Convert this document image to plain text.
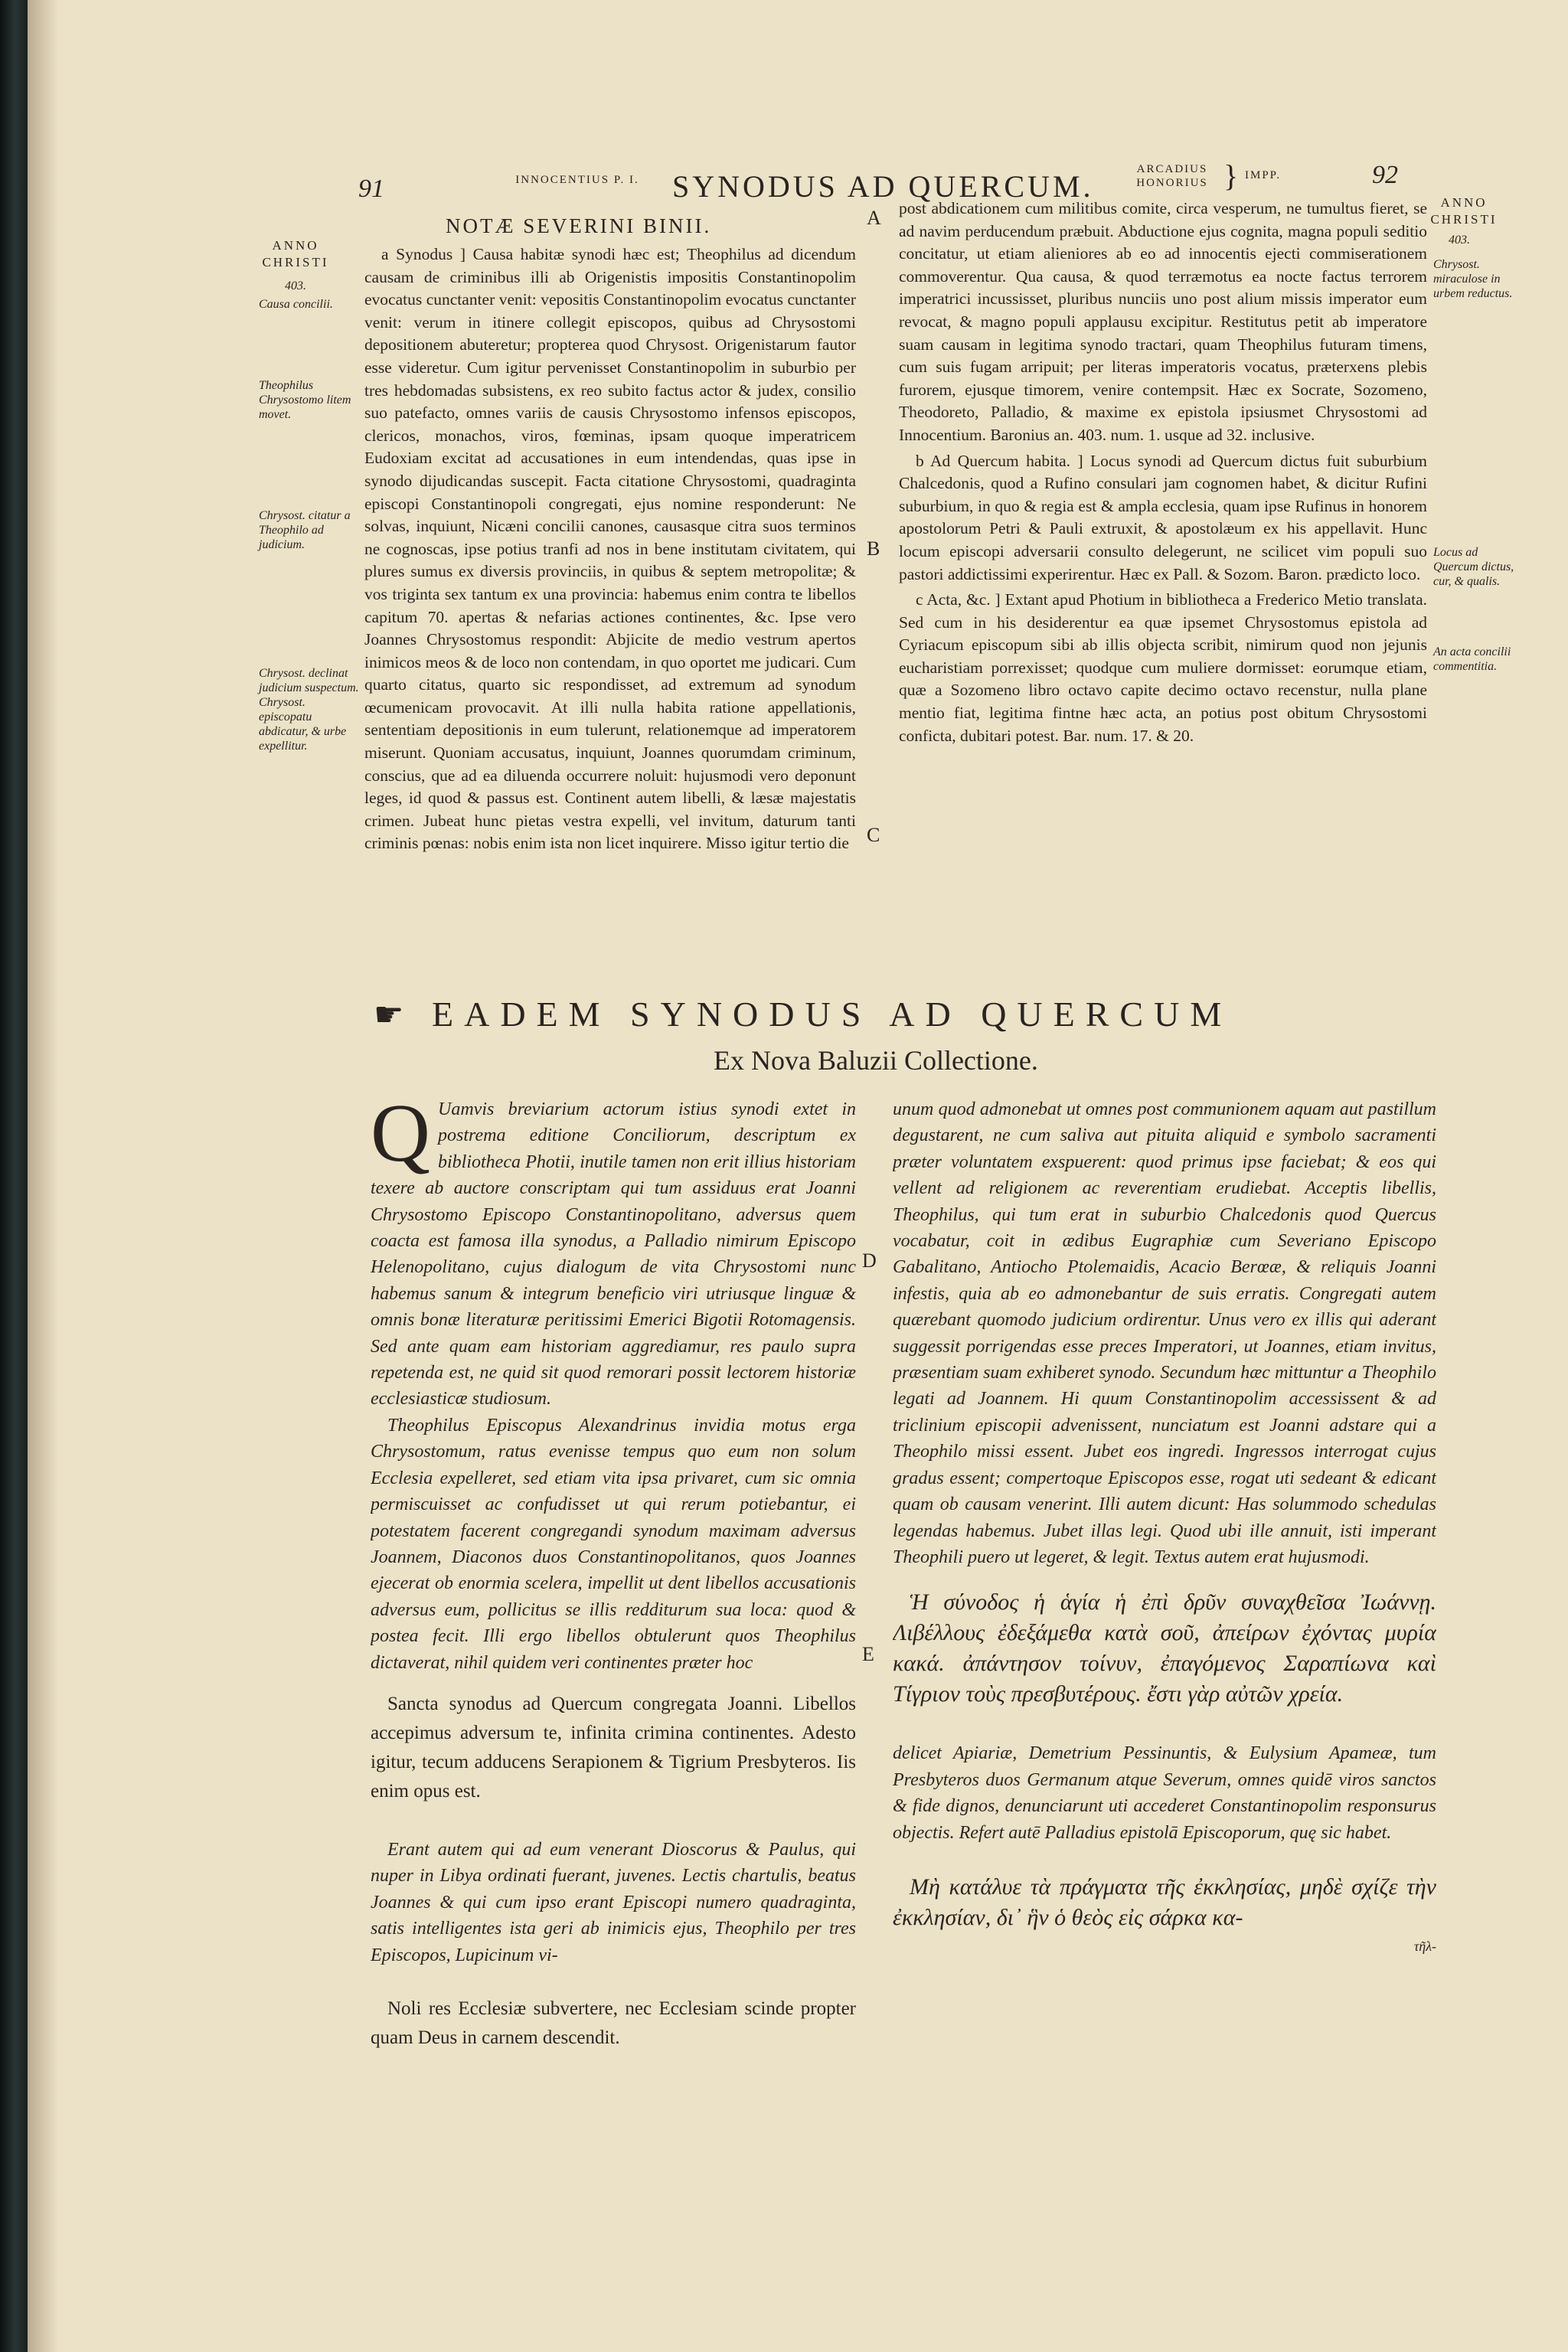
91	INNOCENTIUS P. I. SYNODUS AD QUERCUM.	ARCADIUS HONORIUS } IMPP.	92
ANNO CHRISTI
403.
Causa concilii.
Theophilus Chrysostomo litem movet.
Chrysost. citatur a Theophilo ad judicium.
Chrysost. declinat judicium suspectum. Chrysost. episcopatu abdicatur, & urbe expellitur.
ANNO CHRISTI
403.
Chrysost. miraculose in urbem reductus.
Locus ad Quercum dictus, cur, & qualis.
An acta concilii commentitia.
A
B
C
D
E
NOTÆ SEVERINI BINII.

a Synodus ] Causa habitæ synodi hæc est; Theophilus ad dicendum causam de criminibus illi ab Origenistis impositis Constantinopolim evocatus cunctanter venit: vepositis Constantinopolim evocatus cunctanter venit: verum in itinere collegit episcopos, quibus ad Chrysostomi depositionem abuteretur; propterea quod Chrysost. Origenistarum fautor esse videretur. Cum igitur pervenisset Constantinopolim in suburbio per tres hebdomadas subsistens, ex reo subito factus actor & judex, consilio suo patefacto, omnes variis de causis Chrysostomo infensos episcopos, clericos, monachos, viros, fœminas, ipsam quoque imperatricem Eudoxiam excitat ad accusationes in eum intendendas, quas ipse in synodo dijudicandas suscepit. Facta citatione Chrysostomi, quadraginta episcopi Constantinopoli congregati, ejus nomine responderunt: Ne solvas, inquiunt, Nicæni concilii canones, causasque citra suos terminos ne cognoscas, ipse potius tranfi ad nos in bene institutam civitatem, qui plures sumus ex diversis provinciis, in quibus & septem metropolitæ; & vos triginta sex tantum ex una provincia: habemus enim contra te libellos capitum 70. apertas & nefarias actiones continentes, &c. Ipse vero Joannes Chrysostomus respondit: Abjicite de medio vestrum apertos inimicos meos & de loco non contendam, in quo oportet me judicari. Cum quarto citatus, quarto sic respondisset, ad extremum ad synodum œcumenicam provocavit. At illi nulla habita ratione appellationis, sententiam depositionis in eum tulerunt, relationemque ad imperatorem miserunt. Quoniam accusatus, inquiunt, Joannes quorumdam criminum, conscius, que ad ea diluenda occurrere noluit: hujusmodi vero deponunt leges, id quod & passus est. Continent autem libelli, & læsæ majestatis crimen. Jubeat hunc pietas vestra expelli, vel invitum, daturum tanti criminis pœnas: nobis enim ista non licet inquirere. Misso igitur tertio die

post abdicationem cum militibus comite, circa vesperum, ne tumultus fieret, se ad navim perducendum præbuit. Abductione ejus cognita, magna populi seditio concitatur, ut etiam alieniores ab eo ad innocentis ejecti commiserationem commoverentur. Qua causa, & quod terræmotus ea nocte factus terrorem imperatrici incussisset, pluribus nunciis uno post alium missis imperator eum revocat, & magno populi applausu excipitur. Restitutus petit ab imperatore suam causam in legitima synodo tractari, quam Theophilus futuram timens, cum suis fugam arripuit; per literas imperatoris vocatus, præterxens plebis furorem, ejusque timorem, venire contempsit. Hæc ex Socrate, Sozomeno, Theodoreto, Palladio, & maxime ex epistola ipsiusmet Chrysostomi ad Innocentium. Baronius an. 403. num. 1. usque ad 32. inclusive.

b Ad Quercum habita. ] Locus synodi ad Quercum dictus fuit suburbium Chalcedonis, quod a Rufino consulari jam cognomen habet, & dicitur Rufini suburbium, in quo & regia est & ampla ecclesia, quam ipse Rufinus in honorem apostolorum Petri & Pauli extruxit, & apostolæum ex his appellavit. Hunc locum episcopi adversarii consulto delegerunt, ne scilicet vim populi suo pastori addictissimi experirentur. Hæc ex Pall. & Sozom. Baron. prædicto loco.

c Acta, &c. ] Extant apud Photium in bibliotheca a Frederico Metio translata. Sed cum in his desiderentur ea quæ ipsemet Chrysostomus epistola ad Cyriacum episcopum sibi ab illis objecta scribit, nimirum quod non jejunis eucharistiam porrexisset; quodque cum muliere dormisset: eorumque etiam, quæ a Sozomeno libro octavo capite decimo octavo recenstur, nulla plane mentio fiat, legitima fintne hæc acta, an potius post obitum Chrysostomi conficta, dubitari potest. Bar. num. 17. & 20.

☛ EADEM SYNODUS AD QUERCUM
Ex Nova Baluzii Collectione.

Q Uamvis breviarium actorum istius synodi extet in postrema editione Conciliorum, descriptum ex bibliotheca Photii, inutile tamen non erit illius historiam texere ab auctore conscriptam qui tum assiduus erat Joanni Chrysostomo Episcopo Constantinopolitano, adversus quem coacta est famosa illa synodus, a Palladio nimirum Episcopo Helenopolitano, cujus dialogum de vita Chrysostomi nunc habemus sanum & integrum beneficio viri utriusque linguæ & omnis bonæ literaturæ peritissimi Emerici Bigotii Rotomagensis. Sed ante quam eam historiam aggrediamur, res paulo supra repetenda est, ne quid sit quod remorari possit lectorem historiæ ecclesiasticæ studiosum.

Theophilus Episcopus Alexandrinus invidia motus erga Chrysostomum, ratus evenisse tempus quo eum non solum Ecclesia expelleret, sed etiam vita ipsa privaret, cum sic omnia permiscuisset ac confudisset ut qui rerum potiebantur, ei potestatem facerent congregandi synodum maximam adversus Joannem, Diaconos duos Constantinopolitanos, quos Joannes ejecerat ob enormia scelera, impellit ut dent libellos accusationis adversus eum, pollicitus se illis redditurum sua loca: quod & postea fecit. Illi ergo libellos obtulerunt quos Theophilus dictaverat, nihil quidem veri continentes præter hoc

Sancta synodus ad Quercum congregata Joanni. Libellos accepimus adversum te, infinita crimina continentes. Adesto igitur, tecum adducens Serapionem & Tigrium Presbyteros. Iis enim opus est.

Erant autem qui ad eum venerant Dioscorus & Paulus, qui nuper in Libya ordinati fuerant, juvenes. Lectis chartulis, beatus Joannes & qui cum ipso erant Episcopi numero quadraginta, satis intelligentes ista geri ab inimicis ejus, Theophilo per tres Episcopos, Lupicinum vi-

Noli res Ecclesiæ subvertere, nec Ecclesiam scinde propter quam Deus in carnem descendit.

unum quod admonebat ut omnes post communionem aquam aut pastillum degustarent, ne cum saliva aut pituita aliquid e symbolo sacramenti præter voluntatem exspuerent: quod primus ipse faciebat; & eos qui vellent ad religionem ac reverentiam erudiebat. Acceptis libellis, Theophilus, qui tum erat in suburbio Chalcedonis quod Quercus vocabatur, coit in ædibus Eugraphiæ cum Severiano Episcopo Gabalitano, Antiocho Ptolemaidis, Acacio Berœæ, & reliquis Joanni infestis, quia ab eo admonebantur de suis erratis. Congregati autem quærebant quomodo judicium ordirentur. Unus vero ex illis qui aderant suggessit porrigendas esse preces Imperatori, ut Joannes, etiam invitus, præsentiam suam exhiberet synodo. Secundum hæc mittuntur a Theophilo legati ad Joannem. Hi quum Constantinopolim accessissent & ad triclinium episcopii advenissent, nunciatum est Joanni adstare qui a Theophilo missi essent. Jubet eos ingredi. Ingressos interrogat cujus gradus essent; compertoque Episcopos esse, rogat uti sedeant & edicant quam ob causam venerint. Illi autem dicunt: Has solummodo schedulas legendas habemus. Jubet illas legi. Quod ubi ille annuit, isti imperant Theophili puero ut legeret, & legit. Textus autem erat hujusmodi.

Ἡ σύνοδος ἡ ἁγία ἡ ἐπὶ δρῦν συναχθεῖσα Ἰωάννῃ. Λιβέλλους ἐδεξάμεθα κατὰ σοῦ, ἀπείρων ἐχόντας μυρία κακά. ἀπάντησον τοίνυν, ἐπαγόμενος Σαραπίωνα καὶ Τίγριον τοὺς πρεσβυτέρους. ἔστι γὰρ αὐτῶν χρεία.

delicet Apiariæ, Demetrium Pessinuntis, & Eulysium Apameæ, tum Presbyteros duos Germanum atque Severum, omnes quidē viros sanctos & fide dignos, denunciarunt uti accederet Constantinopolim responsurus objectis. Refert autē Palladius epistolā Episcoporum, quę sic habet.

Μὴ κατάλυε τὰ πράγματα τῆς ἐκκλησίας, μηδὲ σχίζε τὴν ἐκκλησίαν, δι᾽ ἣν ὁ θεὸς εἰς σάρκα κα-

τῆλ-
